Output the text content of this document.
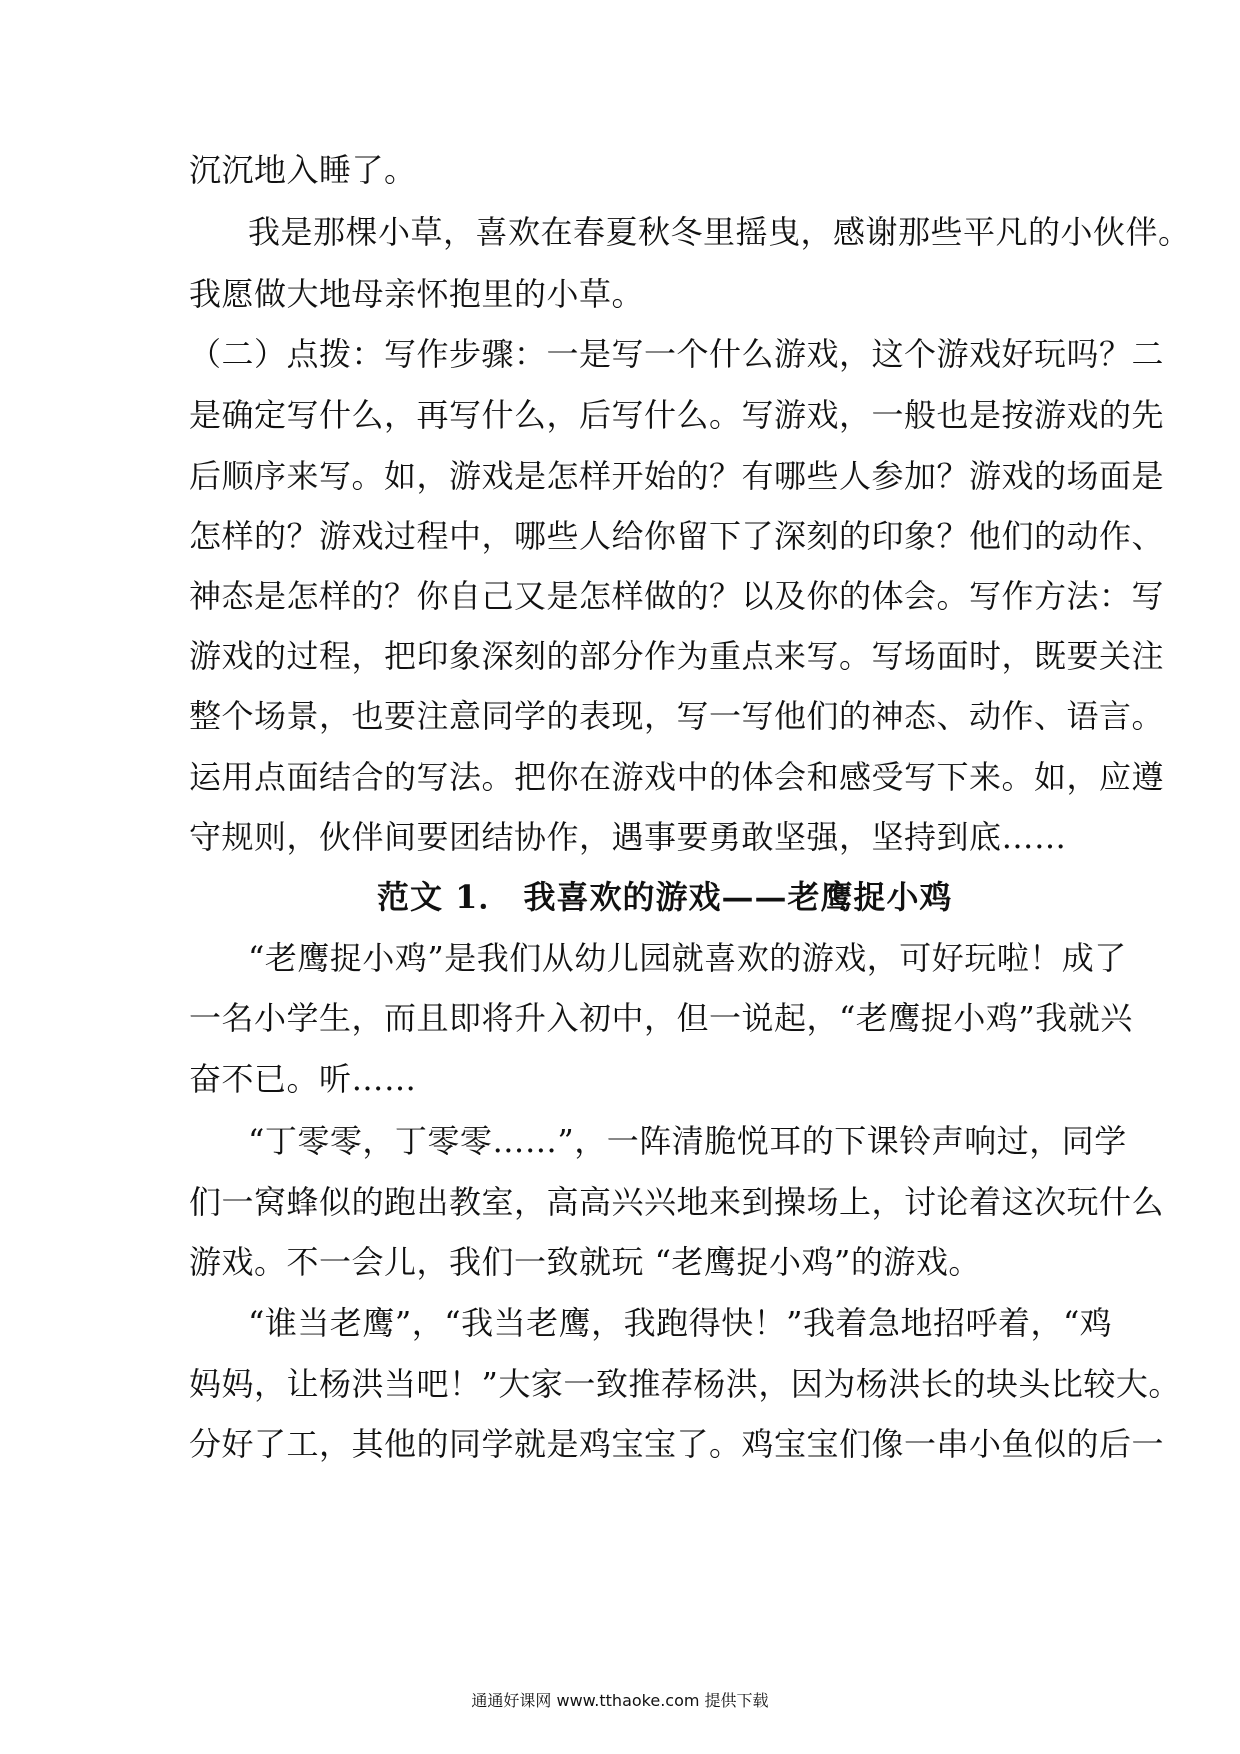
沉沉地入睡了。
我是那棵小草，喜欢在春夏秋冬里摇曳，感谢那些平凡的小伙伴。
我愿做大地母亲怀抱里的小草。
（二）点拨：写作步骤：一是写一个什么游戏，这个游戏好玩吗？二
是确定写什么，再写什么，后写什么。写游戏，一般也是按游戏的先
后顺序来写。如，游戏是怎样开始的？有哪些人参加？游戏的场面是
怎样的？游戏过程中，哪些人给你留下了深刻的印象？他们的动作、
神态是怎样的？你自己又是怎样做的？以及你的体会。写作方法：写
游戏的过程，把印象深刻的部分作为重点来写。写场面时，既要关注
整个场景，也要注意同学的表现，写一写他们的神态、动作、语言。
运用点面结合的写法。把你在游戏中的体会和感受写下来。如，应遵
守规则，伙伴间要团结协作，遇事要勇敢坚强，坚持到底……
范文 1． 我喜欢的游戏——老鹰捉小鸡
“老鹰捉小鸡”是我们从幼儿园就喜欢的游戏，可好玩啦！成了
一名小学生，而且即将升入初中，但一说起，“老鹰捉小鸡”我就兴
奋不已。听……
“丁零零，丁零零……”，一阵清脆悦耳的下课铃声响过，同学
们一窝蜂似的跑出教室，高高兴兴地来到操场上，讨论着这次玩什么
游戏。不一会儿，我们一致就玩 “老鹰捉小鸡”的游戏。
“谁当老鹰”，“我当老鹰，我跑得快！”我着急地招呼着，“鸡
妈妈，让杨洪当吧！”大家一致推荐杨洪，因为杨洪长的块头比较大。
分好了工，其他的同学就是鸡宝宝了。鸡宝宝们像一串小鱼似的后一
通通好课网 www.tthaoke.com 提供下载
